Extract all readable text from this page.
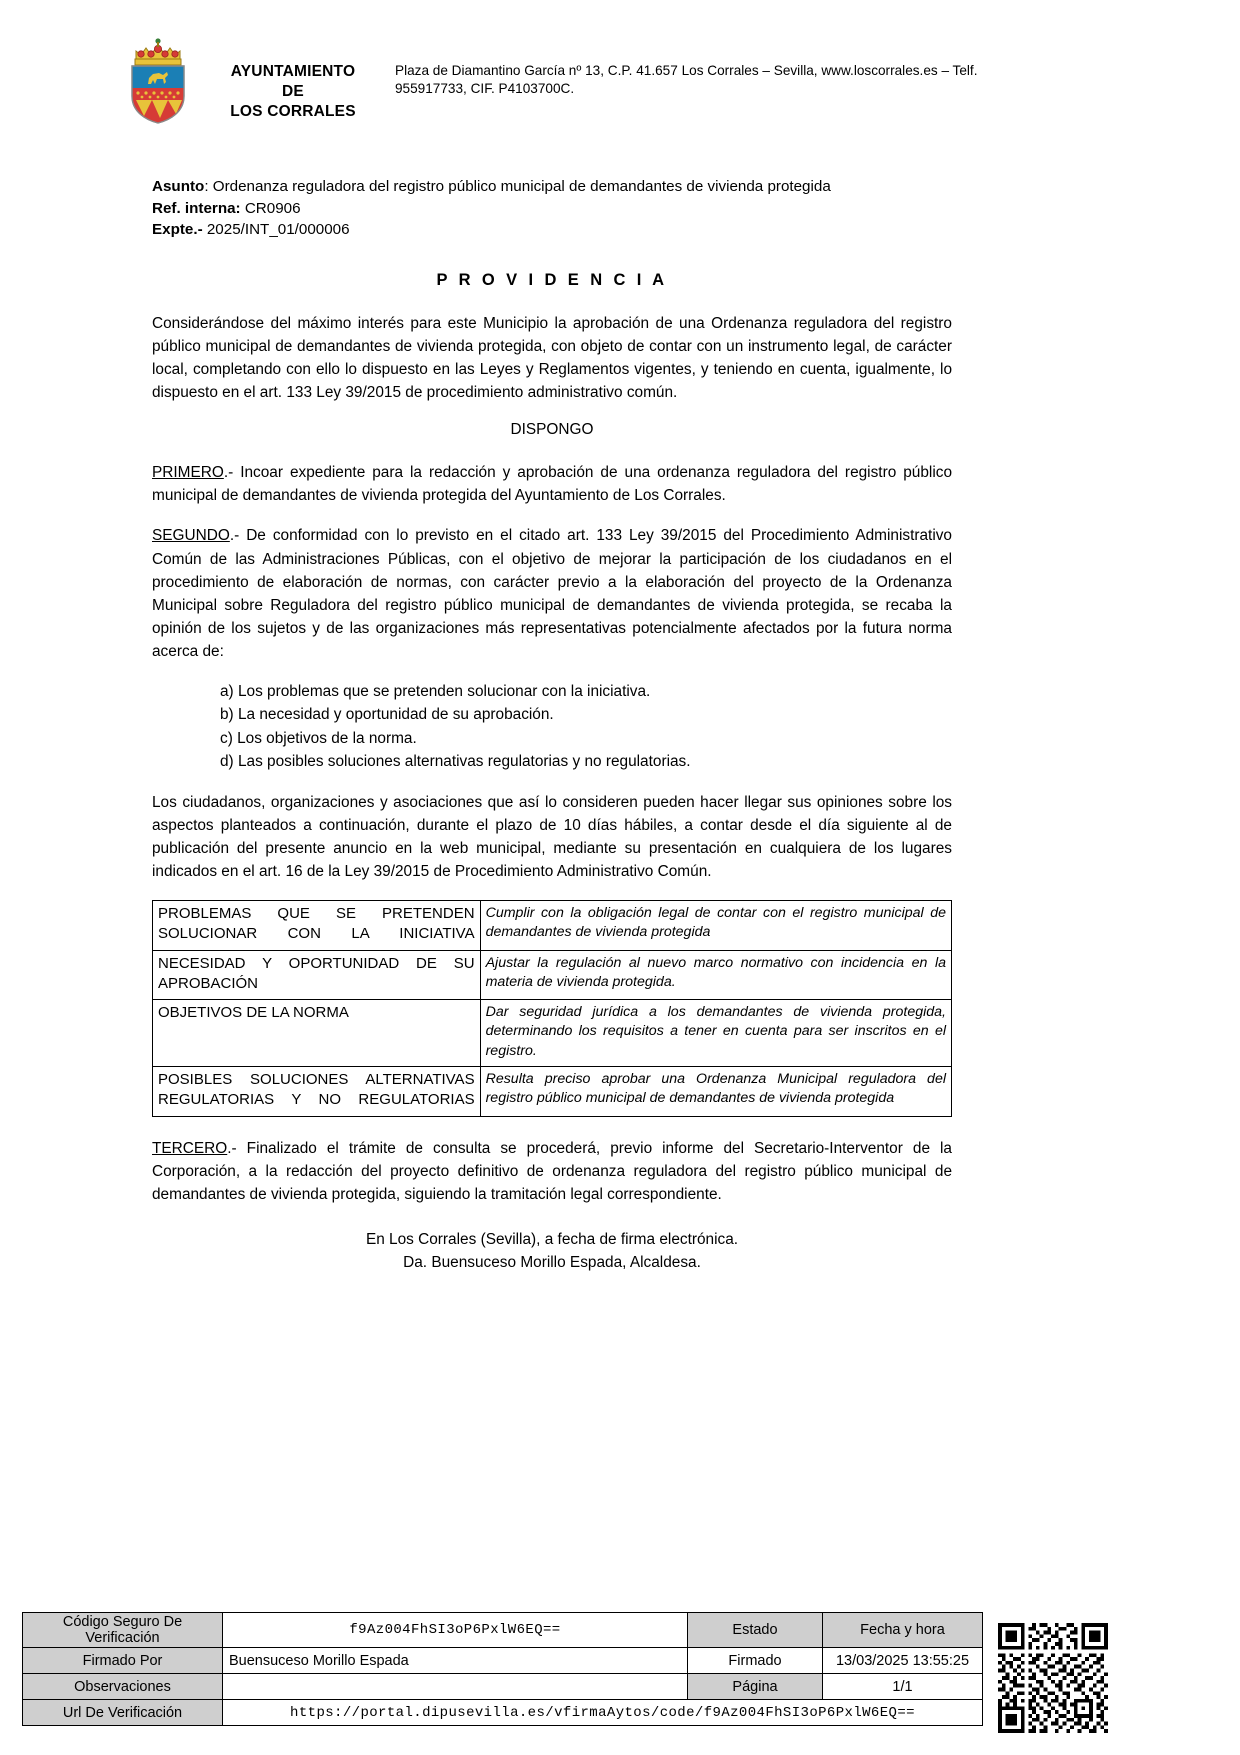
AYUNTAMIENTO
DE
LOS CORRALES
Plaza de Diamantino García nº 13, C.P. 41.657 Los Corrales – Sevilla, www.loscorrales.es – Telf.
955917733, CIF. P4103700C.
Asunto: Ordenanza reguladora del registro público municipal de demandantes de vivienda protegida
Ref. interna: CR0906
Expte.- 2025/INT_01/000006
P R O V I D E N C I A

Considerándose del máximo interés para este Municipio la aprobación de una Ordenanza reguladora del registro público municipal de demandantes de vivienda protegida, con objeto de contar con un instrumento legal, de carácter local, completando con ello lo dispuesto en las Leyes y Reglamentos vigentes, y teniendo en cuenta, igualmente, lo dispuesto en el art. 133 Ley 39/2015 de procedimiento administrativo común.

DISPONGO

PRIMERO.- Incoar expediente para la redacción y aprobación de una ordenanza reguladora del registro público municipal de demandantes de vivienda protegida del Ayuntamiento de Los Corrales.

SEGUNDO.- De conformidad con lo previsto en el citado art. 133 Ley 39/2015 del Procedimiento Administrativo Común de las Administraciones Públicas, con el objetivo de mejorar la participación de los ciudadanos en el procedimiento de elaboración de normas, con carácter previo a la elaboración del proyecto de la Ordenanza Municipal sobre Reguladora del registro público municipal de demandantes de vivienda protegida, se recaba la opinión de los sujetos y de las organizaciones más representativas potencialmente afectados por la futura norma acerca de:

a) Los problemas que se pretenden solucionar con la iniciativa.
b) La necesidad y oportunidad de su aprobación.
c) Los objetivos de la norma.
d) Las posibles soluciones alternativas regulatorias y no regulatorias.

Los ciudadanos, organizaciones y asociaciones que así lo consideren pueden hacer llegar sus opiniones sobre los aspectos planteados a continuación, durante el plazo de 10 días hábiles, a contar desde el día siguiente al de publicación del presente anuncio en la web municipal, mediante su presentación en cualquiera de los lugares indicados en el art. 16 de la Ley 39/2015 de Procedimiento Administrativo Común.

PROBLEMAS QUE SE PRETENDEN SOLUCIONAR CON LA INICIATIVA	Cumplir con la obligación legal de contar con el registro municipal de demandantes de vivienda protegida
NECESIDAD Y OPORTUNIDAD DE SU APROBACIÓN	Ajustar la regulación al nuevo marco normativo con incidencia en la materia de vivienda protegida.
OBJETIVOS DE LA NORMA	Dar seguridad jurídica a los demandantes de vivienda protegida, determinando los requisitos a tener en cuenta para ser inscritos en el registro.
POSIBLES SOLUCIONES ALTERNATIVAS REGULATORIAS Y NO REGULATORIAS	Resulta preciso aprobar una Ordenanza Municipal reguladora del registro público municipal de demandantes de vivienda protegida

TERCERO.- Finalizado el trámite de consulta se procederá, previo informe del Secretario-Interventor de la Corporación, a la redacción del proyecto definitivo de ordenanza reguladora del registro público municipal de demandantes de vivienda protegida, siguiendo la tramitación legal correspondiente.

En Los Corrales (Sevilla), a fecha de firma electrónica.
Da. Buensuceso Morillo Espada, Alcaldesa.
Código Seguro De Verificación	f9Az004FhSI3oP6PxlW6EQ==	Estado	Fecha y hora
Firmado Por	Buensuceso Morillo Espada	Firmado	13/03/2025 13:55:25
Observaciones		Página	1/1
Url De Verificación	https://portal.dipusevilla.es/vfirmaAytos/code/f9Az004FhSI3oP6PxlW6EQ==		
